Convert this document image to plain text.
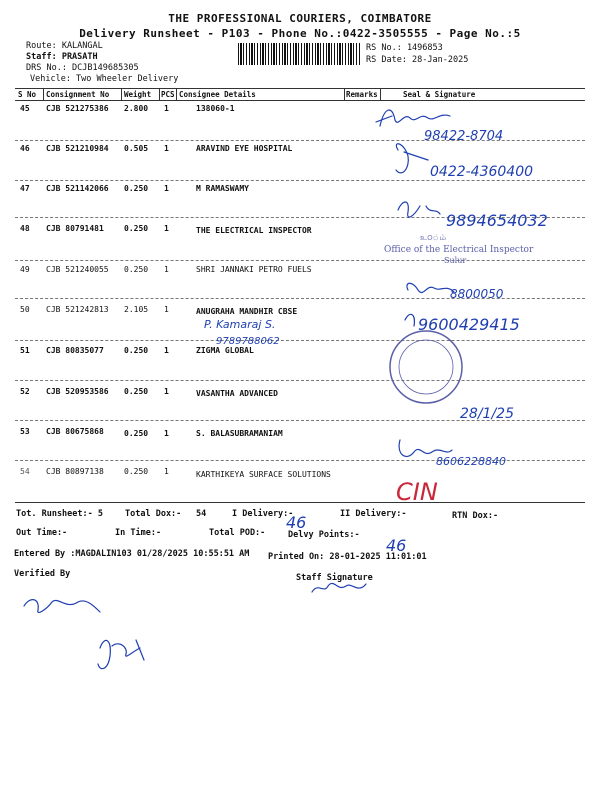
THE PROFESSIONAL COURIERS, COIMBATORE
Delivery Runsheet - P103 - Phone No.:0422-3505555 - Page No.:5
Route: KALANGAL
Staff: PRASATH
DRS No.: DCJB149685305
Vehicle: Two Wheeler Delivery
RS No.: 1496853
RS Date: 28-Jan-2025
S No Consignment No Weight PCS Consignee Details	Remarks	Seal & Signature
45 CJB 521275386 2.800 1	138060-1
46 CJB 521210984 0.505 1	ARAVIND EYE HOSPITAL
47 CJB 521142066 0.250 1	M RAMASWAMY
48 CJB 80791481	0.250 1	THE ELECTRICAL INSPECTOR
49 CJB 521240055 0.250 1	SHRI JANNAKI PETRO FUELS
50 CJB 521242813 2.105 1	ANUGRAHA MANDHIR CBSE
51 CJB 80835077	0.250 1	ZIGMA GLOBAL
52 CJB 520953586 0.250 1	VASANTHA ADVANCED
53 CJB 80675868	0.250 1	S. BALASUBRAMANIAM
54 CJB 80897138	0.250 1	KARTHIKEYA SURFACE SOLUTIONS
98422-8704
0422-4360400
9894654032
8800050
9600429415
P. Kamaraj S.
9789788062
8606228840
46
46
28/1/25
CIN
உଠ்ம்
Office of the Electrical Inspector
Sulur
Tot. Runsheet:- 5	Total Dox:- 54	I Delivery:-	II Delivery:-	RTN Dox:-
Out Time:-	In Time:-	Total POD:-	Delvy Points:-
Entered By :MAGDALIN103 01/28/2025 10:55:51 AM Printed On: 28-01-2025 11:01:01
Verified By	Staff Signature
